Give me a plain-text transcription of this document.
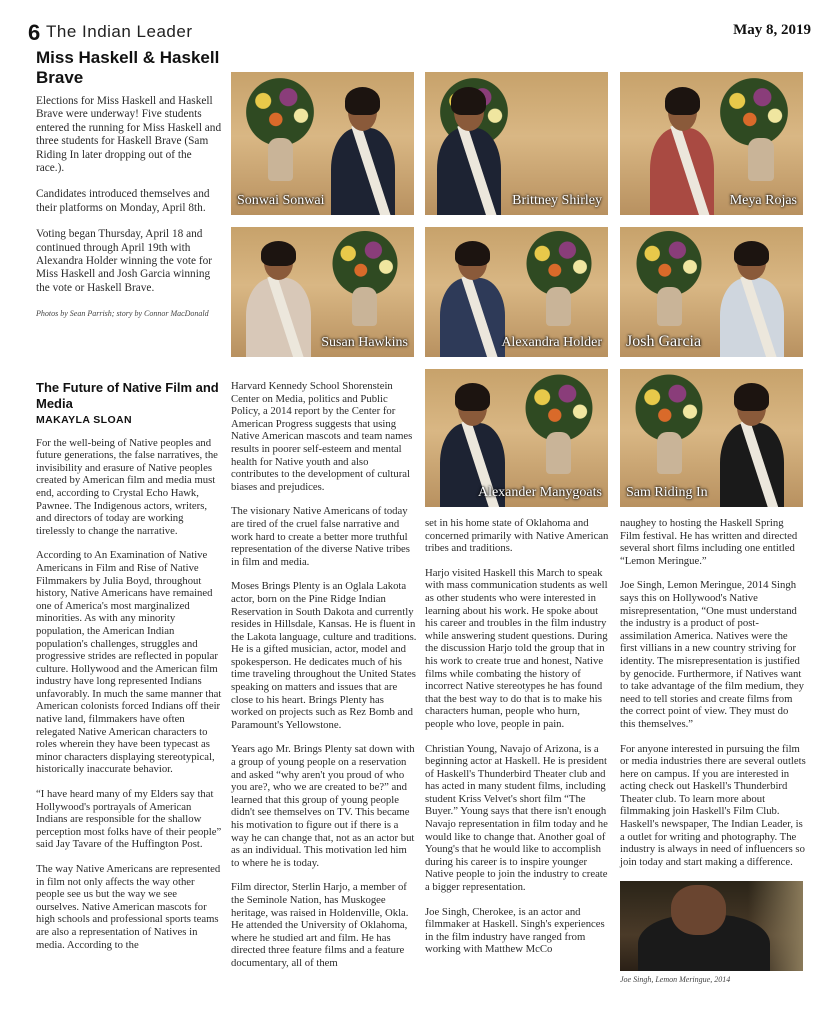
6 The Indian Leader	May 8, 2019
Miss Haskell & Haskell Brave

Elections for Miss Haskell and Haskell Brave were underway! Five students entered the running for Miss Haskell and three students for Haskell Brave (Sam Riding In later dropping out of the race.).

Candidates introduced themselves and their platforms on Monday, April 8th.

Voting began Thursday, April 18 and continued through April 19th with Alexandra Holder winning the vote for Miss Haskell and Josh Garcia winning the vote or Haskell Brave.

Photos by Sean Parrish; story by Connor MacDonald
Sonwai Sonwai	Brittney Shirley	Meya Rojas
Susan Hawkins	Alexandra Holder Josh Garcia
Alexander Manygoats Sam Riding In
The Future of Native Film and Media
MAKAYLA SLOAN

For the well-being of Native peoples and future generations, the false narratives, the invisibility and erasure of Native peoples created by American film and media must end, according to Crystal Echo Hawk, Pawnee. The Indigenous actors, writers, and directors of today are working tirelessly to change the narrative.

According to An Examination of Native Americans in Film and Rise of Native Filmmakers by Julia Boyd, throughout history, Native Americans have remained one of America's most marginalized minorities. As with any minority population, the American Indian population's challenges, struggles and progressive strides are reflected in popular culture. Hollywood and the American film industry have long represented Indians unfavorably. In much the same manner that American colonists forced Indians off their native land, filmmakers have often relegated Native American characters to roles wherein they have been typecast as minor characters displaying stereotypical, historically inaccurate behavior.

“I have heard many of my Elders say that Hollywood's portrayals of American Indians are responsible for the shallow perception most folks have of their people” said Jay Tavare of the Huffington Post.

The way Native Americans are represented in film not only affects the way other people see us but the way we see ourselves. Native American mascots for high schools and professional sports teams are also a representation of Natives in media. According to the

Harvard Kennedy School Shorenstein Center on Media, politics and Public Policy, a 2014 report by the Center for American Progress suggests that using Native American mascots and team names results in poorer self-esteem and mental health for Native youth and also contributes to the development of cultural biases and prejudices.

The visionary Native Americans of today are tired of the cruel false narrative and work hard to create a better more truthful representation of the diverse Native tribes in film and media.

Moses Brings Plenty is an Oglala Lakota actor, born on the Pine Ridge Indian Reservation in South Dakota and currently resides in Hillsdale, Kansas. He is fluent in the Lakota language, culture and traditions. He is a gifted musician, actor, model and spokesperson. He dedicates much of his time traveling throughout the United States speaking on matters and issues that are close to his heart. Brings Plenty has worked on projects such as Rez Bomb and Paramount's Yellowstone.

Years ago Mr. Brings Plenty sat down with a group of young people on a reservation and asked “why aren't you proud of who you are?, who we are created to be?” and learned that this group of young people didn't see themselves on TV. This became his motivation to figure out if there is a way he can change that, not as an actor but as an individual. This motivation led him to where he is today.

Film director, Sterlin Harjo, a member of the Seminole Nation, has Muskogee heritage, was raised in Holdenville, Okla. He attended the University of Oklahoma, where he studied art and film. He has directed three feature films and a feature documentary, all of them

set in his home state of Oklahoma and concerned primarily with Native American tribes and traditions.

Harjo visited Haskell this March to speak with mass communication students as well as other students who were interested in learning about his work. He spoke about his career and troubles in the film industry while answering student questions. During the discussion Harjo told the group that in his work to create true and honest, Native films while combating the history of incorrect Native stereotypes he has found that the best way to do that is to make his characters human, people who hurn, people who love, people in pain.

Christian Young, Navajo of Arizona, is a beginning actor at Haskell. He is president of Haskell's Thunderbird Theater club and has acted in many student films, including student Kriss Velvet's short film “The Buyer.” Young says that there isn't enough Navajo representation in film today and he would like to change that. Another goal of Young's that he would like to accomplish during his career is to inspire younger Native people to join the industry to create a bigger representation.

Joe Singh, Cherokee, is an actor and filmmaker at Haskell. Singh's experiences in the film industry have ranged from working with Matthew McCo

naughey to hosting the Haskell Spring Film festival. He has written and directed several short films including one entitled “Lemon Meringue.”

Joe Singh, Lemon Meringue, 2014 Singh says this on Hollywood's Native misrepresentation, “One must understand the industry is a product of post-assimilation America. Natives were the first villians in a new country striving for identity. The misrepresentation is justified by genocide. Furthermore, if Natives want to take advantage of the film medium, they need to tell stories and create films from the correct point of view. They must do this themselves.”

For anyone interested in pursuing the film or media industries there are several outlets here on campus. If you are interested in acting check out Haskell's Thunderbird Theater club. To learn more about filmmaking join Haskell's Film Club. Haskell's newspaper, The Indian Leader, is a outlet for writing and photography. The industry is always in need of influencers so join today and start making a difference.

Joe Singh, Lemon Meringue, 2014
